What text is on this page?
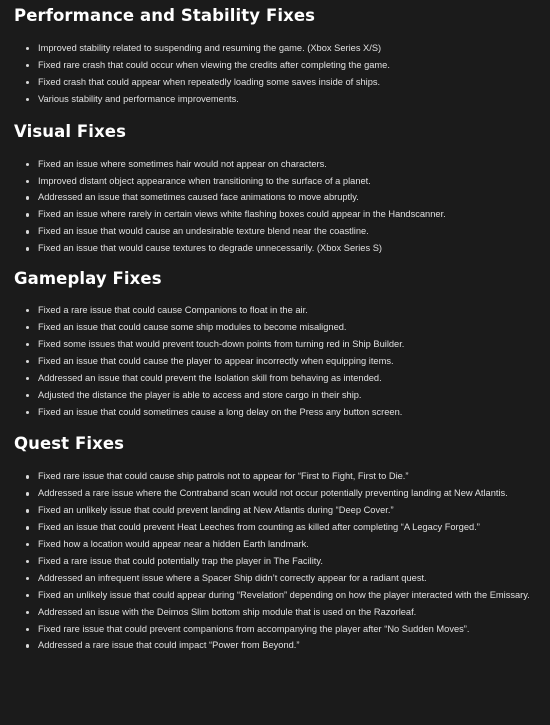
Performance and Stability Fixes
Improved stability related to suspending and resuming the game. (Xbox Series X/S)
Fixed rare crash that could occur when viewing the credits after completing the game.
Fixed crash that could appear when repeatedly loading some saves inside of ships.
Various stability and performance improvements.
Visual Fixes
Fixed an issue where sometimes hair would not appear on characters.
Improved distant object appearance when transitioning to the surface of a planet.
Addressed an issue that sometimes caused face animations to move abruptly.
Fixed an issue where rarely in certain views white flashing boxes could appear in the Handscanner.
Fixed an issue that would cause an undesirable texture blend near the coastline.
Fixed an issue that would cause textures to degrade unnecessarily. (Xbox Series S)
Gameplay Fixes
Fixed a rare issue that could cause Companions to float in the air.
Fixed an issue that could cause some ship modules to become misaligned.
Fixed some issues that would prevent touch-down points from turning red in Ship Builder.
Fixed an issue that could cause the player to appear incorrectly when equipping items.
Addressed an issue that could prevent the Isolation skill from behaving as intended.
Adjusted the distance the player is able to access and store cargo in their ship.
Fixed an issue that could sometimes cause a long delay on the Press any button screen.
Quest Fixes
Fixed rare issue that could cause ship patrols not to appear for “First to Fight, First to Die.”
Addressed a rare issue where the Contraband scan would not occur potentially preventing landing at New Atlantis.
Fixed an unlikely issue that could prevent landing at New Atlantis during “Deep Cover.”
Fixed an issue that could prevent Heat Leeches from counting as killed after completing “A Legacy Forged.”
Fixed how a location would appear near a hidden Earth landmark.
Fixed a rare issue that could potentially trap the player in The Facility.
Addressed an infrequent issue where a Spacer Ship didn’t correctly appear for a radiant quest.
Fixed an unlikely issue that could appear during “Revelation” depending on how the player interacted with the Emissary.
Addressed an issue with the Deimos Slim bottom ship module that is used on the Razorleaf.
Fixed rare issue that could prevent companions from accompanying the player after “No Sudden Moves”.
Addressed a rare issue that could impact “Power from Beyond.”
